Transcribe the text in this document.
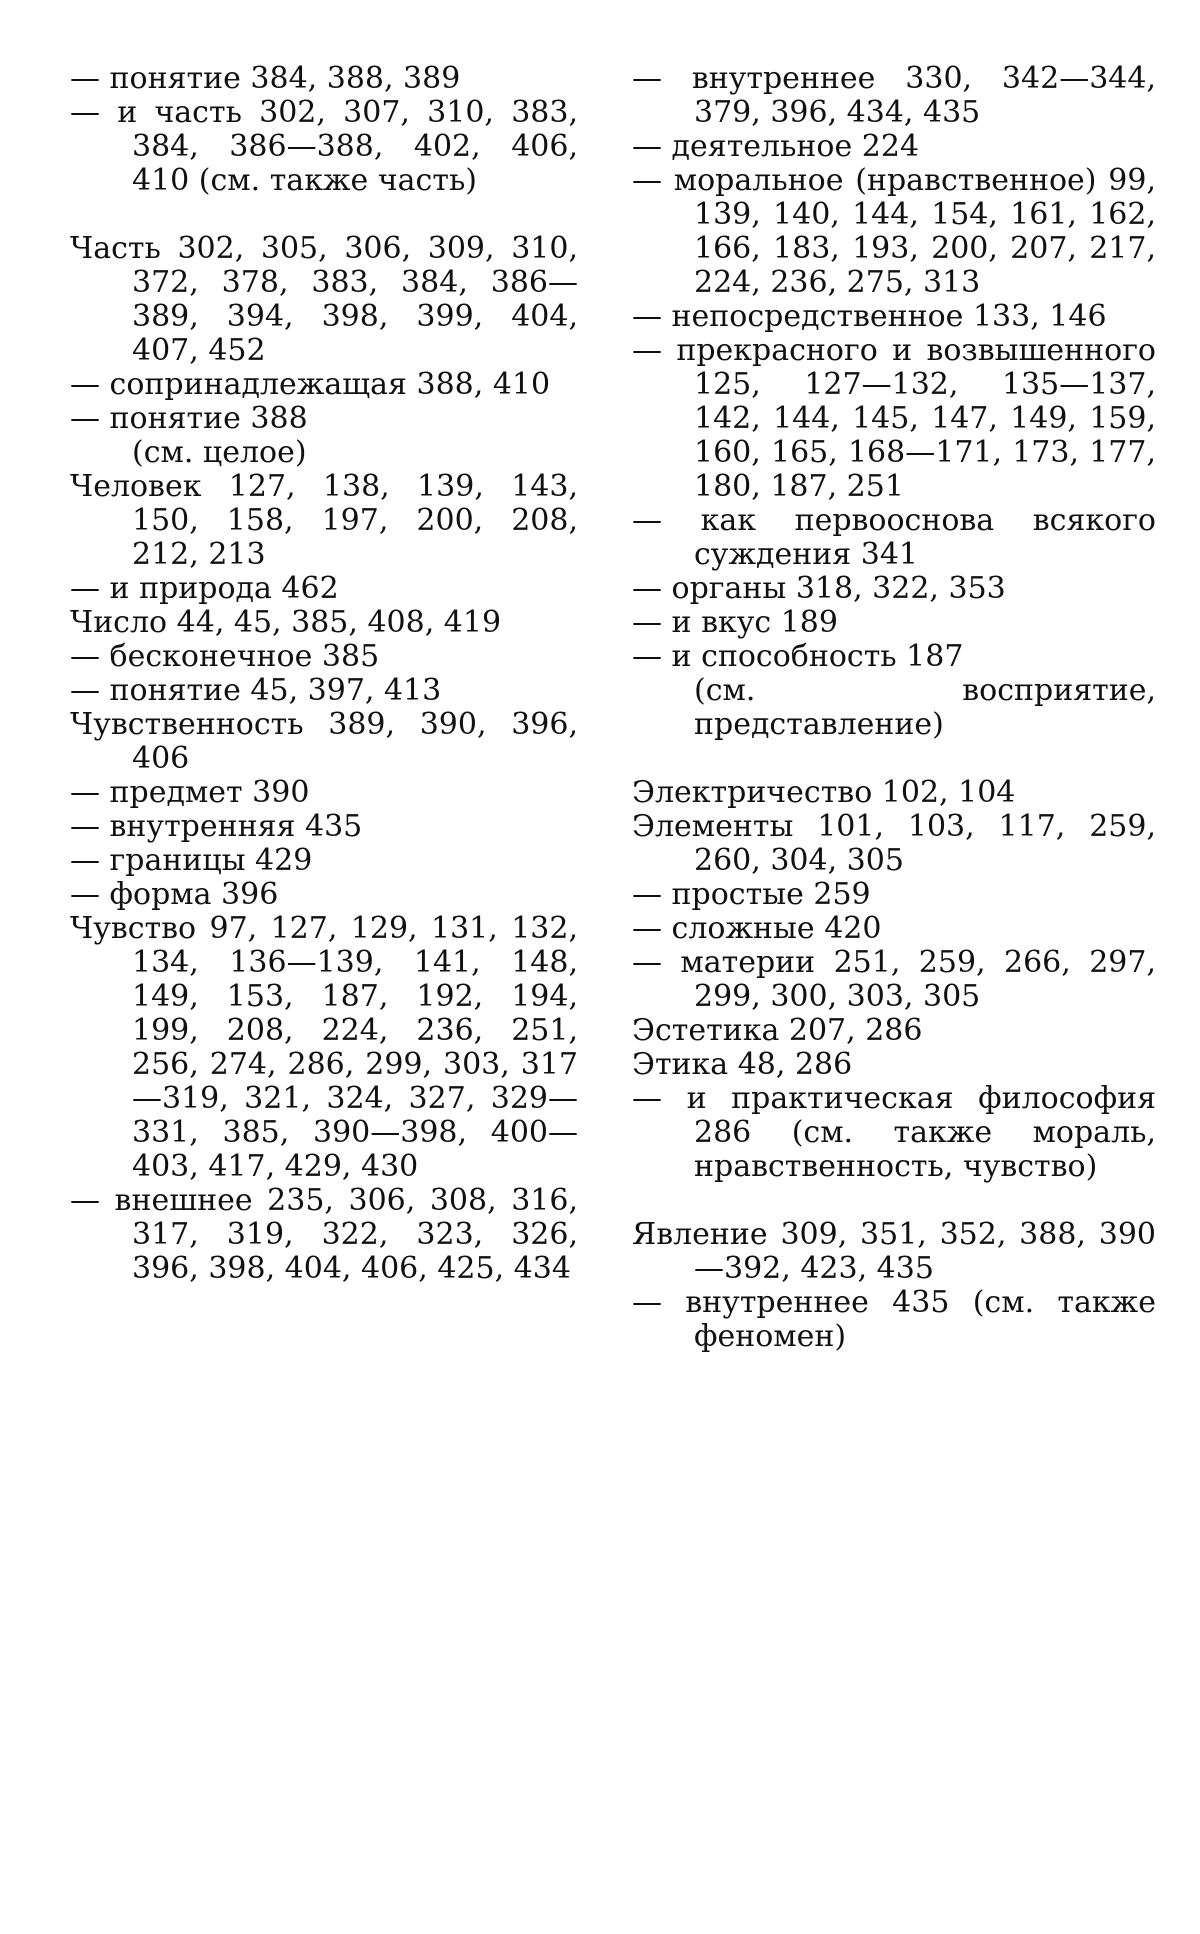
— понятие 384, 388, 389

— и часть 302, 307, 310, 383, 384, 386—388, 402, 406, 410 (см. также часть)

Часть 302, 305, 306, 309, 310, 372, 378, 383, 384, 386—389, 394, 398, 399, 404, 407, 452

— сопринадлежащая 388, 410

— понятие 388

(см. целое)

Человек 127, 138, 139, 143, 150, 158, 197, 200, 208, 212, 213

— и природа 462

Число 44, 45, 385, 408, 419

— бесконечное 385

— понятие 45, 397, 413

Чувственность 389, 390, 396, 406

— предмет 390

— внутренняя 435

— границы 429

— форма 396

Чувство 97, 127, 129, 131, 132, 134, 136—139, 141, 148, 149, 153, 187, 192, 194, 199, 208, 224, 236, 251, 256, 274, 286, 299, 303, 317—319, 321, 324, 327, 329—331, 385, 390—398, 400—403, 417, 429, 430

— внешнее 235, 306, 308, 316, 317, 319, 322, 323, 326, 396, 398, 404, 406, 425, 434

— внутреннее 330, 342—344, 379, 396, 434, 435

— деятельное 224

— моральное (нравственное) 99, 139, 140, 144, 154, 161, 162, 166, 183, 193, 200, 207, 217, 224, 236, 275, 313

— непосредственное 133, 146

— прекрасного и возвышенного 125, 127—132, 135—137, 142, 144, 145, 147, 149, 159, 160, 165, 168—171, 173, 177, 180, 187, 251

— как первооснова всякого суждения 341

— органы 318, 322, 353

— и вкус 189

— и способность 187

(см. восприятие, представление)

Электричество 102, 104

Элементы 101, 103, 117, 259, 260, 304, 305

— простые 259

— сложные 420

— материи 251, 259, 266, 297, 299, 300, 303, 305

Эстетика 207, 286

Этика 48, 286

— и практическая философия 286 (см. также мораль, нравственность, чувство)

Явление 309, 351, 352, 388, 390—392, 423, 435

— внутреннее 435 (см. также феномен)
